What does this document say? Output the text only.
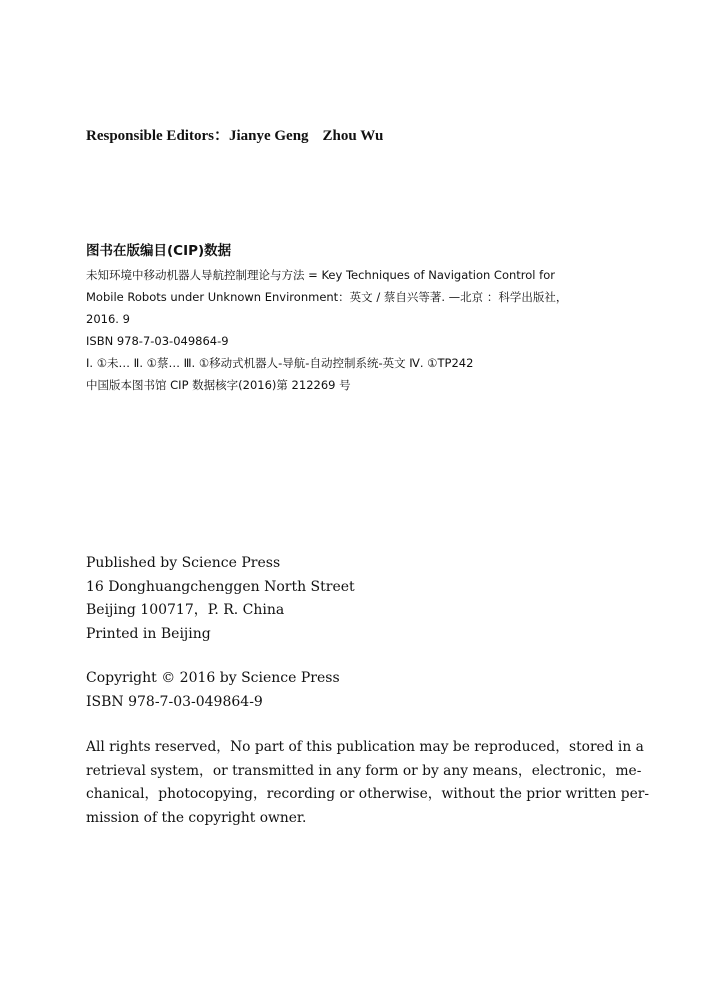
Responsible Editors：Jianye Geng Zhou Wu
图书在版编目(CIP)数据
未知环境中移动机器人导航控制理论与方法 = Key Techniques of Navigation Control for
Mobile Robots under Unknown Environment：英文 / 蔡自兴等著. —北京 ：科学出版社，
2016. 9
ISBN 978-7-03-049864-9
Ⅰ. ①未… Ⅱ. ①蔡… Ⅲ. ①移动式机器人-导航-自动控制系统-英文 Ⅳ. ①TP242
中国版本图书馆 CIP 数据核字(2016)第 212269 号
Published by Science Press
16 Donghuangchenggen North Street
Beijing 100717，P. R. China
Printed in Beijing
Copyright © 2016 by Science Press
ISBN 978-7-03-049864-9
All rights reserved，No part of this publication may be reproduced，stored in a
retrieval system，or transmitted in any form or by any means，electronic，me-
chanical，photocopying，recording or otherwise，without the prior written per-
mission of the copyright owner.
